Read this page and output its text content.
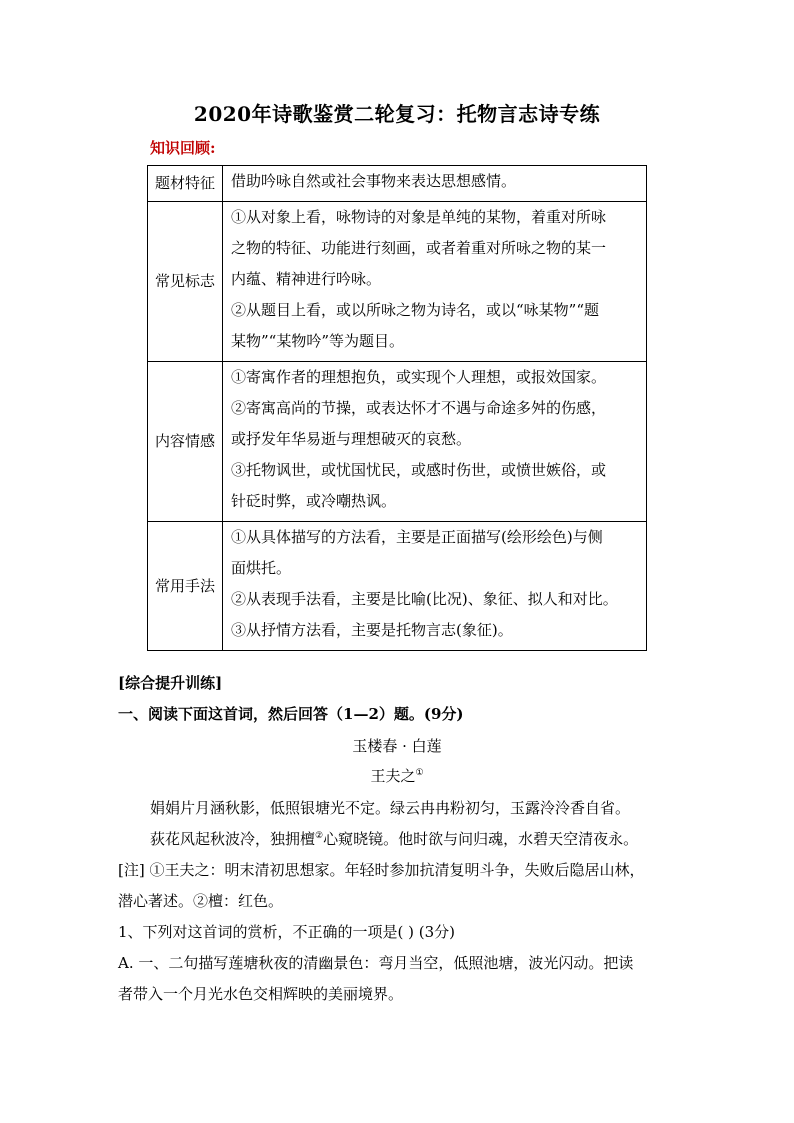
2020年诗歌鉴赏二轮复习：托物言志诗专练
知识回顾:
题材特征	借助吟咏自然或社会事物来表达思想感情。

常见标志	①从对象上看，咏物诗的对象是单纯的某物，着重对所咏
之物的特征、功能进行刻画，或者着重对所咏之物的某一
内蕴、精神进行吟咏。
②从题目上看，或以所咏之物为诗名，或以“咏某物”“题
某物”“某物吟”等为题目。

内容情感	①寄寓作者的理想抱负，或实现个人理想，或报效国家。
②寄寓高尚的节操，或表达怀才不遇与命途多舛的伤感，
或抒发年华易逝与理想破灭的哀愁。
③托物讽世，或忧国忧民，或感时伤世，或愤世嫉俗，或
针砭时弊，或冷嘲热讽。

常用手法	①从具体描写的方法看，主要是正面描写(绘形绘色)与侧
面烘托。
②从表现手法看，主要是比喻(比况)、象征、拟人和对比。
③从抒情方法看，主要是托物言志(象征)。
[综合提升训练]
一、阅读下面这首词，然后回答（1—2）题。(9分)
玉楼春 · 白莲
王夫之①
娟娟片月涵秋影，低照银塘光不定。绿云冉冉粉初匀，玉露泠泠香自省。
荻花风起秋波冷，独拥檀②心窥晓镜。他时欲与问归魂，水碧天空清夜永。
[注] ①王夫之：明末清初思想家。年轻时参加抗清复明斗争，失败后隐居山林，
潜心著述。②檀：红色。
1、下列对这首词的赏析，不正确的一项是( ) (3分)
A. 一、二句描写莲塘秋夜的清幽景色：弯月当空，低照池塘，波光闪动。把读
者带入一个月光水色交相辉映的美丽境界。
